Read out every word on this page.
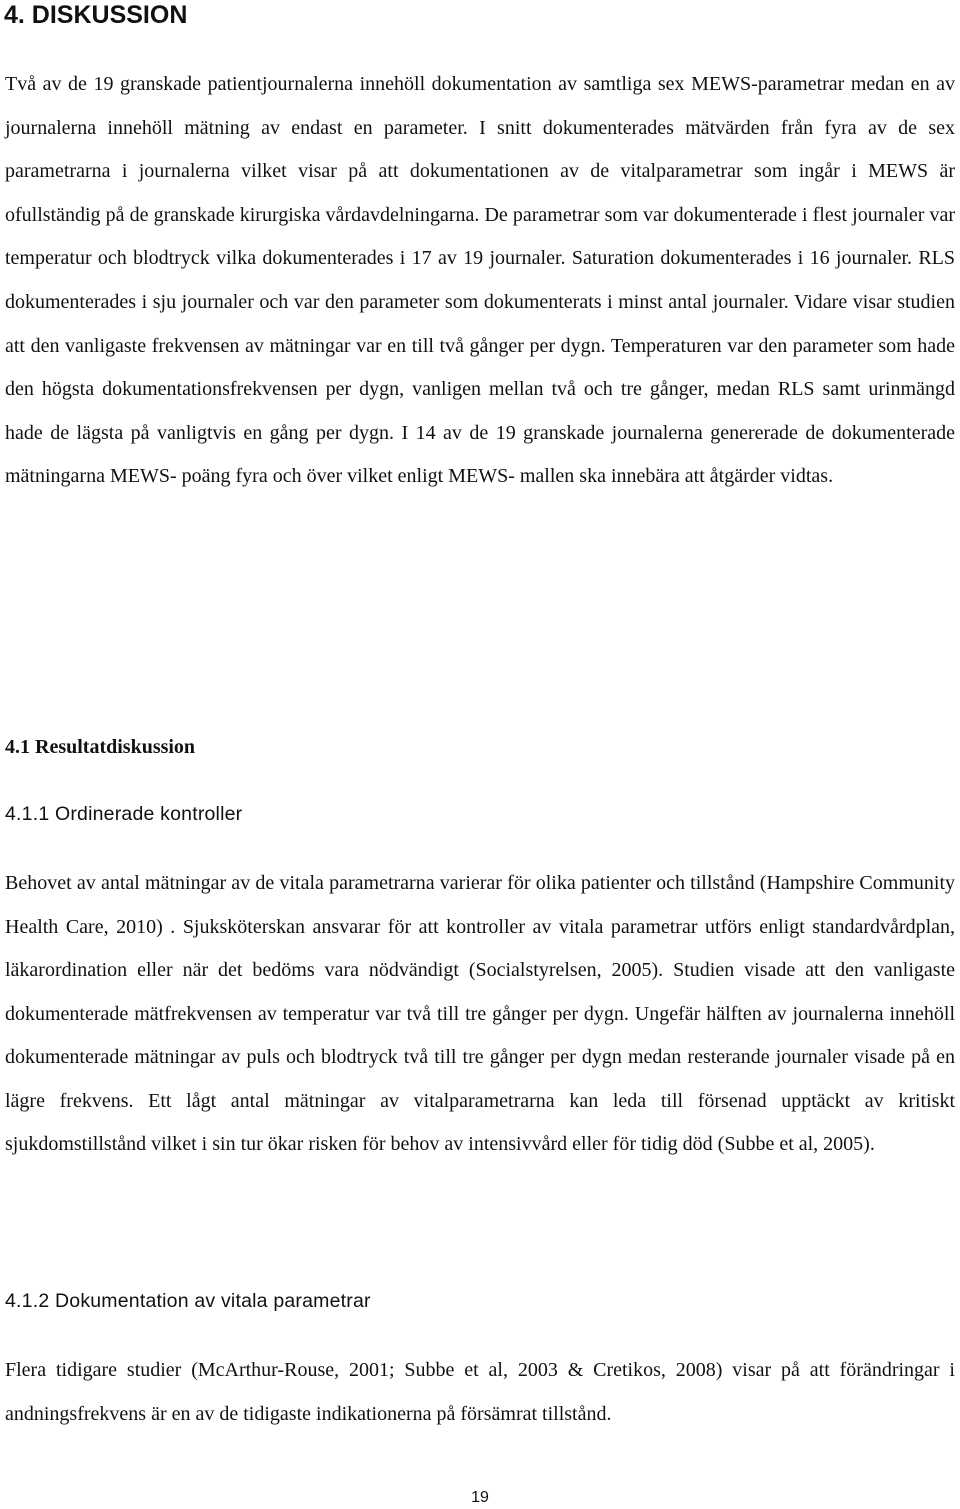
4. DISKUSSION

Två av de 19 granskade patientjournalerna innehöll dokumentation av samtliga sex MEWS-parametrar medan en av journalerna innehöll mätning av endast en parameter. I snitt dokumenterades mätvärden från fyra av de sex parametrarna i journalerna vilket visar på att dokumentationen av de vitalparametrar som ingår i MEWS är ofullständig på de granskade kirurgiska vårdavdelningarna. De parametrar som var dokumenterade i flest journaler var temperatur och blodtryck vilka dokumenterades i 17 av 19 journaler. Saturation dokumenterades i 16 journaler. RLS dokumenterades i sju journaler och var den parameter som dokumenterats i minst antal journaler. Vidare visar studien att den vanligaste frekvensen av mätningar var en till två gånger per dygn. Temperaturen var den parameter som hade den högsta dokumentationsfrekvensen per dygn, vanligen mellan två och tre gånger, medan RLS samt urinmängd hade de lägsta på vanligtvis en gång per dygn. I 14 av de 19 granskade journalerna genererade de dokumenterade mätningarna MEWS- poäng fyra och över vilket enligt MEWS- mallen ska innebära att åtgärder vidtas.

4.1 Resultatdiskussion
4.1.1 Ordinerade kontroller

Behovet av antal mätningar av de vitala parametrarna varierar för olika patienter och tillstånd (Hampshire Community Health Care, 2010) . Sjuksköterskan ansvarar för att kontroller av vitala parametrar utförs enligt standardvårdplan, läkarordination eller när det bedöms vara nödvändigt (Socialstyrelsen, 2005). Studien visade att den vanligaste dokumenterade mätfrekvensen av temperatur var två till tre gånger per dygn. Ungefär hälften av journalerna innehöll dokumenterade mätningar av puls och blodtryck två till tre gånger per dygn medan resterande journaler visade på en lägre frekvens. Ett lågt antal mätningar av vitalparametrarna kan leda till försenad upptäckt av kritiskt sjukdomstillstånd vilket i sin tur ökar risken för behov av intensivvård eller för tidig död (Subbe et al, 2005).

4.1.2 Dokumentation av vitala parametrar

Flera tidigare studier (McArthur-Rouse, 2001; Subbe et al, 2003 & Cretikos, 2008) visar på att förändringar i andningsfrekvens är en av de tidigaste indikationerna på försämrat tillstånd.

19
